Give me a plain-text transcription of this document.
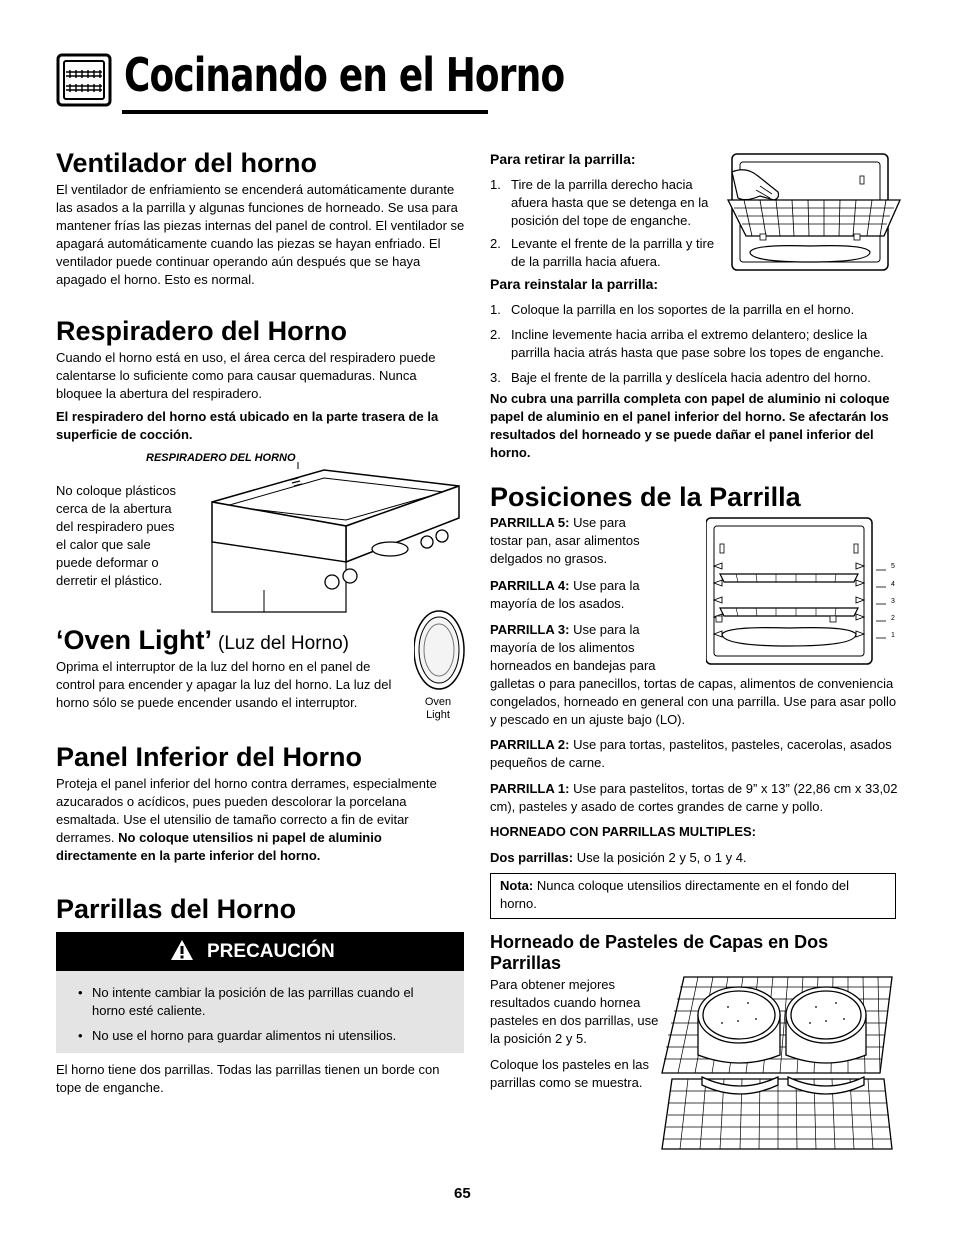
Cocinando en el Horno
Ventilador del horno
El ventilador de enfriamiento se encenderá automáticamente durante las asados a la parrilla y algunas funciones de horneado. Se usa para mantener frías las piezas internas del panel de control. El ventilador se apagará automáticamente cuando las piezas se hayan enfriado. El ventilador puede continuar operando aún después que se haya apagado el horno. Esto es normal.
Respiradero del Horno
Cuando el horno está en uso, el área cerca del respiradero puede calentarse lo suficiente como para causar quemaduras. Nunca bloquee la abertura del respiradero.
El respiradero del horno está ubicado en la parte trasera de la superficie de cocción.
RESPIRADERO DEL HORNO
No coloque plásticos cerca de la abertura del respiradero pues el calor que sale puede deformar o derretir el plástico.
‘Oven Light’ (Luz del Horno)
Oprima el interruptor de la luz del horno en el panel de control para encender y apagar la luz del horno. La luz del horno sólo se puede encender usando el interruptor.	Oven
Light
Panel Inferior del Horno
Proteja el panel inferior del horno contra derrames, especialmente azucarados o acídicos, pues pueden descolorar la porcelana esmaltada. Use el utensilio de tamaño correcto a fin de evitar derrames. No coloque utensilios ni papel de aluminio directamente en la parte inferior del horno.
Parrillas del Horno
PRECAUCIÓN
• No intente cambiar la posición de las parrillas cuando el horno esté caliente.
• No use el horno para guardar alimentos ni utensilios.
El horno tiene dos parrillas. Todas las parrillas tienen un borde con tope de enganche.
Para retirar la parrilla:
1. Tire de la parrilla derecho hacia afuera hasta que se detenga en la posición del tope de enganche.
2. Levante el frente de la parrilla y tire de la parrilla hacia afuera.
Para reinstalar la parrilla:
1. Coloque la parrilla en los soportes de la parrilla en el horno.
2. Incline levemente hacia arriba el extremo delantero; deslice la parrilla hacia atrás hasta que pase sobre los topes de enganche.
3. Baje el frente de la parrilla y deslícela hacia adentro del horno.
No cubra una parrilla completa con papel de aluminio ni coloque papel de aluminio en el panel inferior del horno. Se afectarán los resultados del horneado y se puede dañar el panel inferior del horno.
Posiciones de la Parrilla
PARRILLA 5: Use para tostar pan, asar alimentos delgados no grasos.
PARRILLA 4: Use para la mayoría de los asados.
PARRILLA 3: Use para la mayoría de los alimentos horneados en bandejas para
galletas o para panecillos, tortas de capas, alimentos de conveniencia congelados, horneado en general con una parrilla. Use para asar pollo y pescado en un ajuste bajo (LO).
5
4
3
2
1
PARRILLA 2: Use para tortas, pastelitos, pasteles, cacerolas, asados pequeños de carne.
PARRILLA 1: Use para pastelitos, tortas de 9” x 13” (22,86 cm x 33,02 cm), pasteles y asado de cortes grandes de carne y pollo.
HORNEADO CON PARRILLAS MULTIPLES:
Dos parrillas: Use la posición 2 y 5, o 1 y 4.
Nota: Nunca coloque utensilios directamente en el fondo del horno.
Horneado de Pasteles de Capas en Dos Parrillas
Para obtener mejores resultados cuando hornea pasteles en dos parrillas, use la posición 2 y 5.
Coloque los pasteles en las parrillas como se muestra.
65
